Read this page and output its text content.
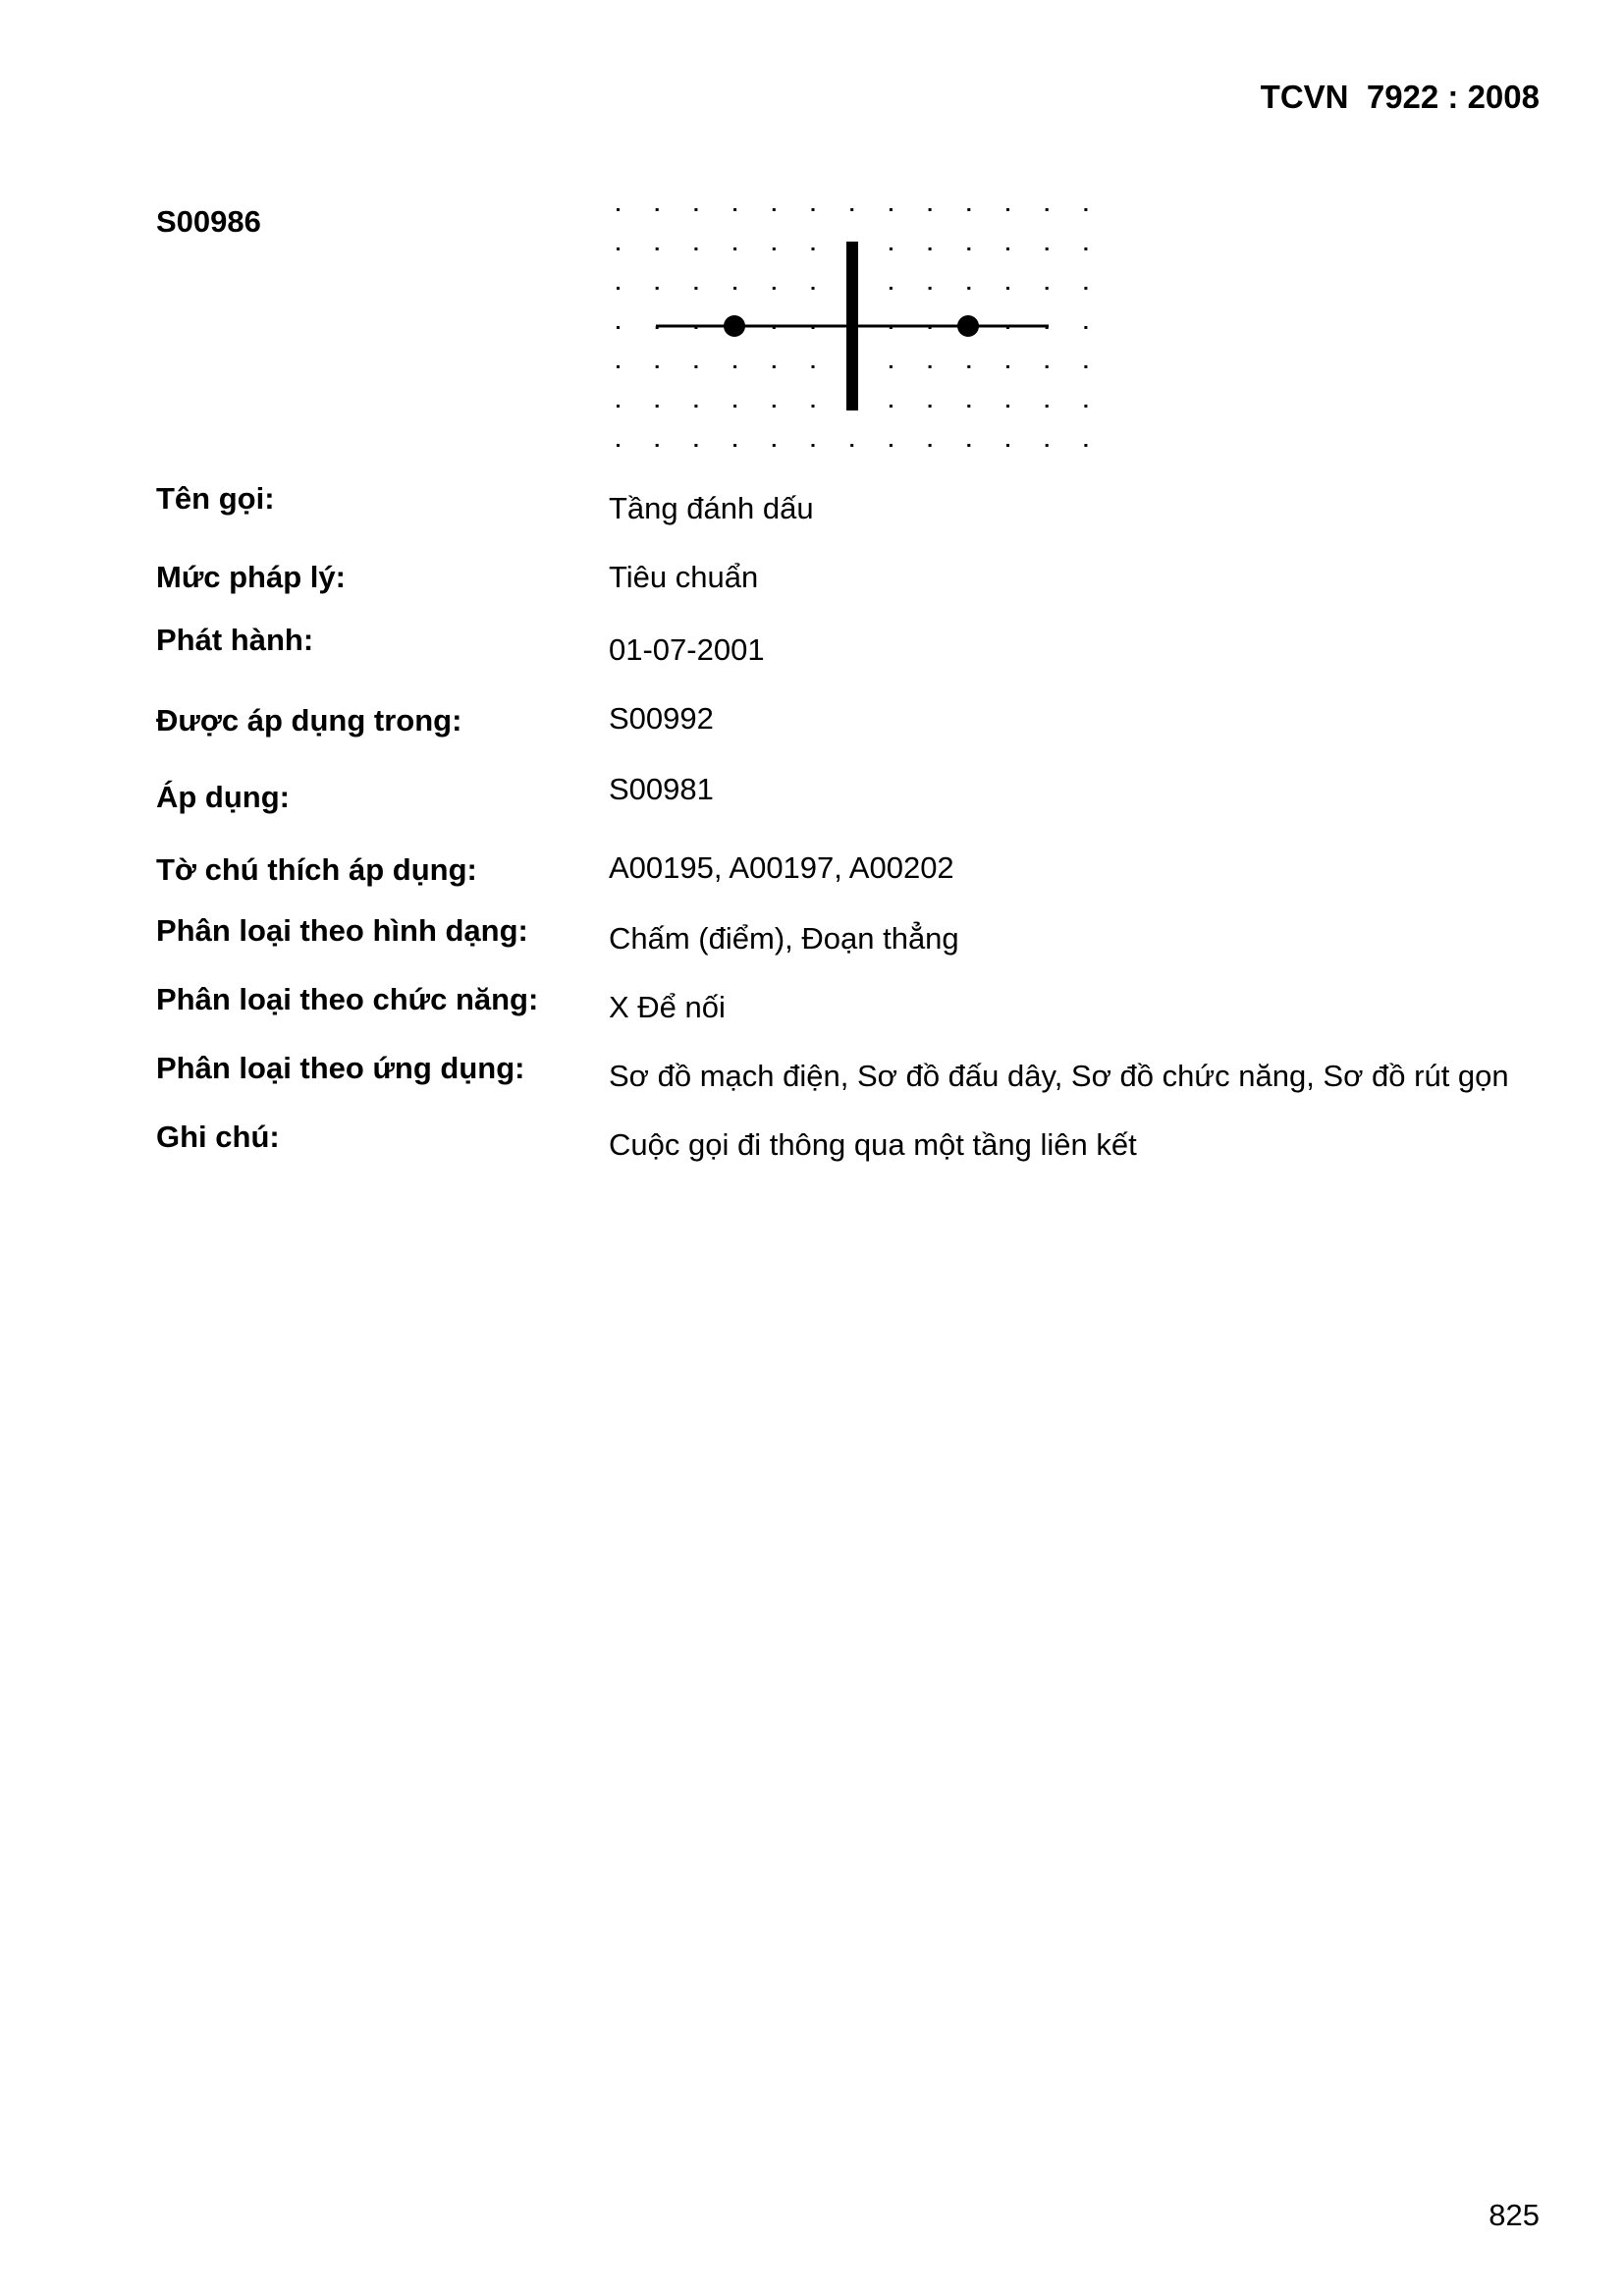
TCVN  7922 : 2008
S00986
Tên gọi:	Tầng đánh dấu
Mức pháp lý:	Tiêu chuẩn
Phát hành:	01-07-2001
Được áp dụng trong:	S00992
Áp dụng:	S00981
Tờ chú thích áp dụng:	A00195, A00197, A00202
Phân loại theo hình dạng:	Chấm (điểm), Đoạn thẳng
Phân loại theo chức năng: X Để nối
Phân loại theo ứng dụng:	Sơ đồ mạch điện, Sơ đồ đấu dây, Sơ đồ chức năng, Sơ đồ rút gọn
Ghi chú:	Cuộc gọi đi thông qua một tầng liên kết
825
